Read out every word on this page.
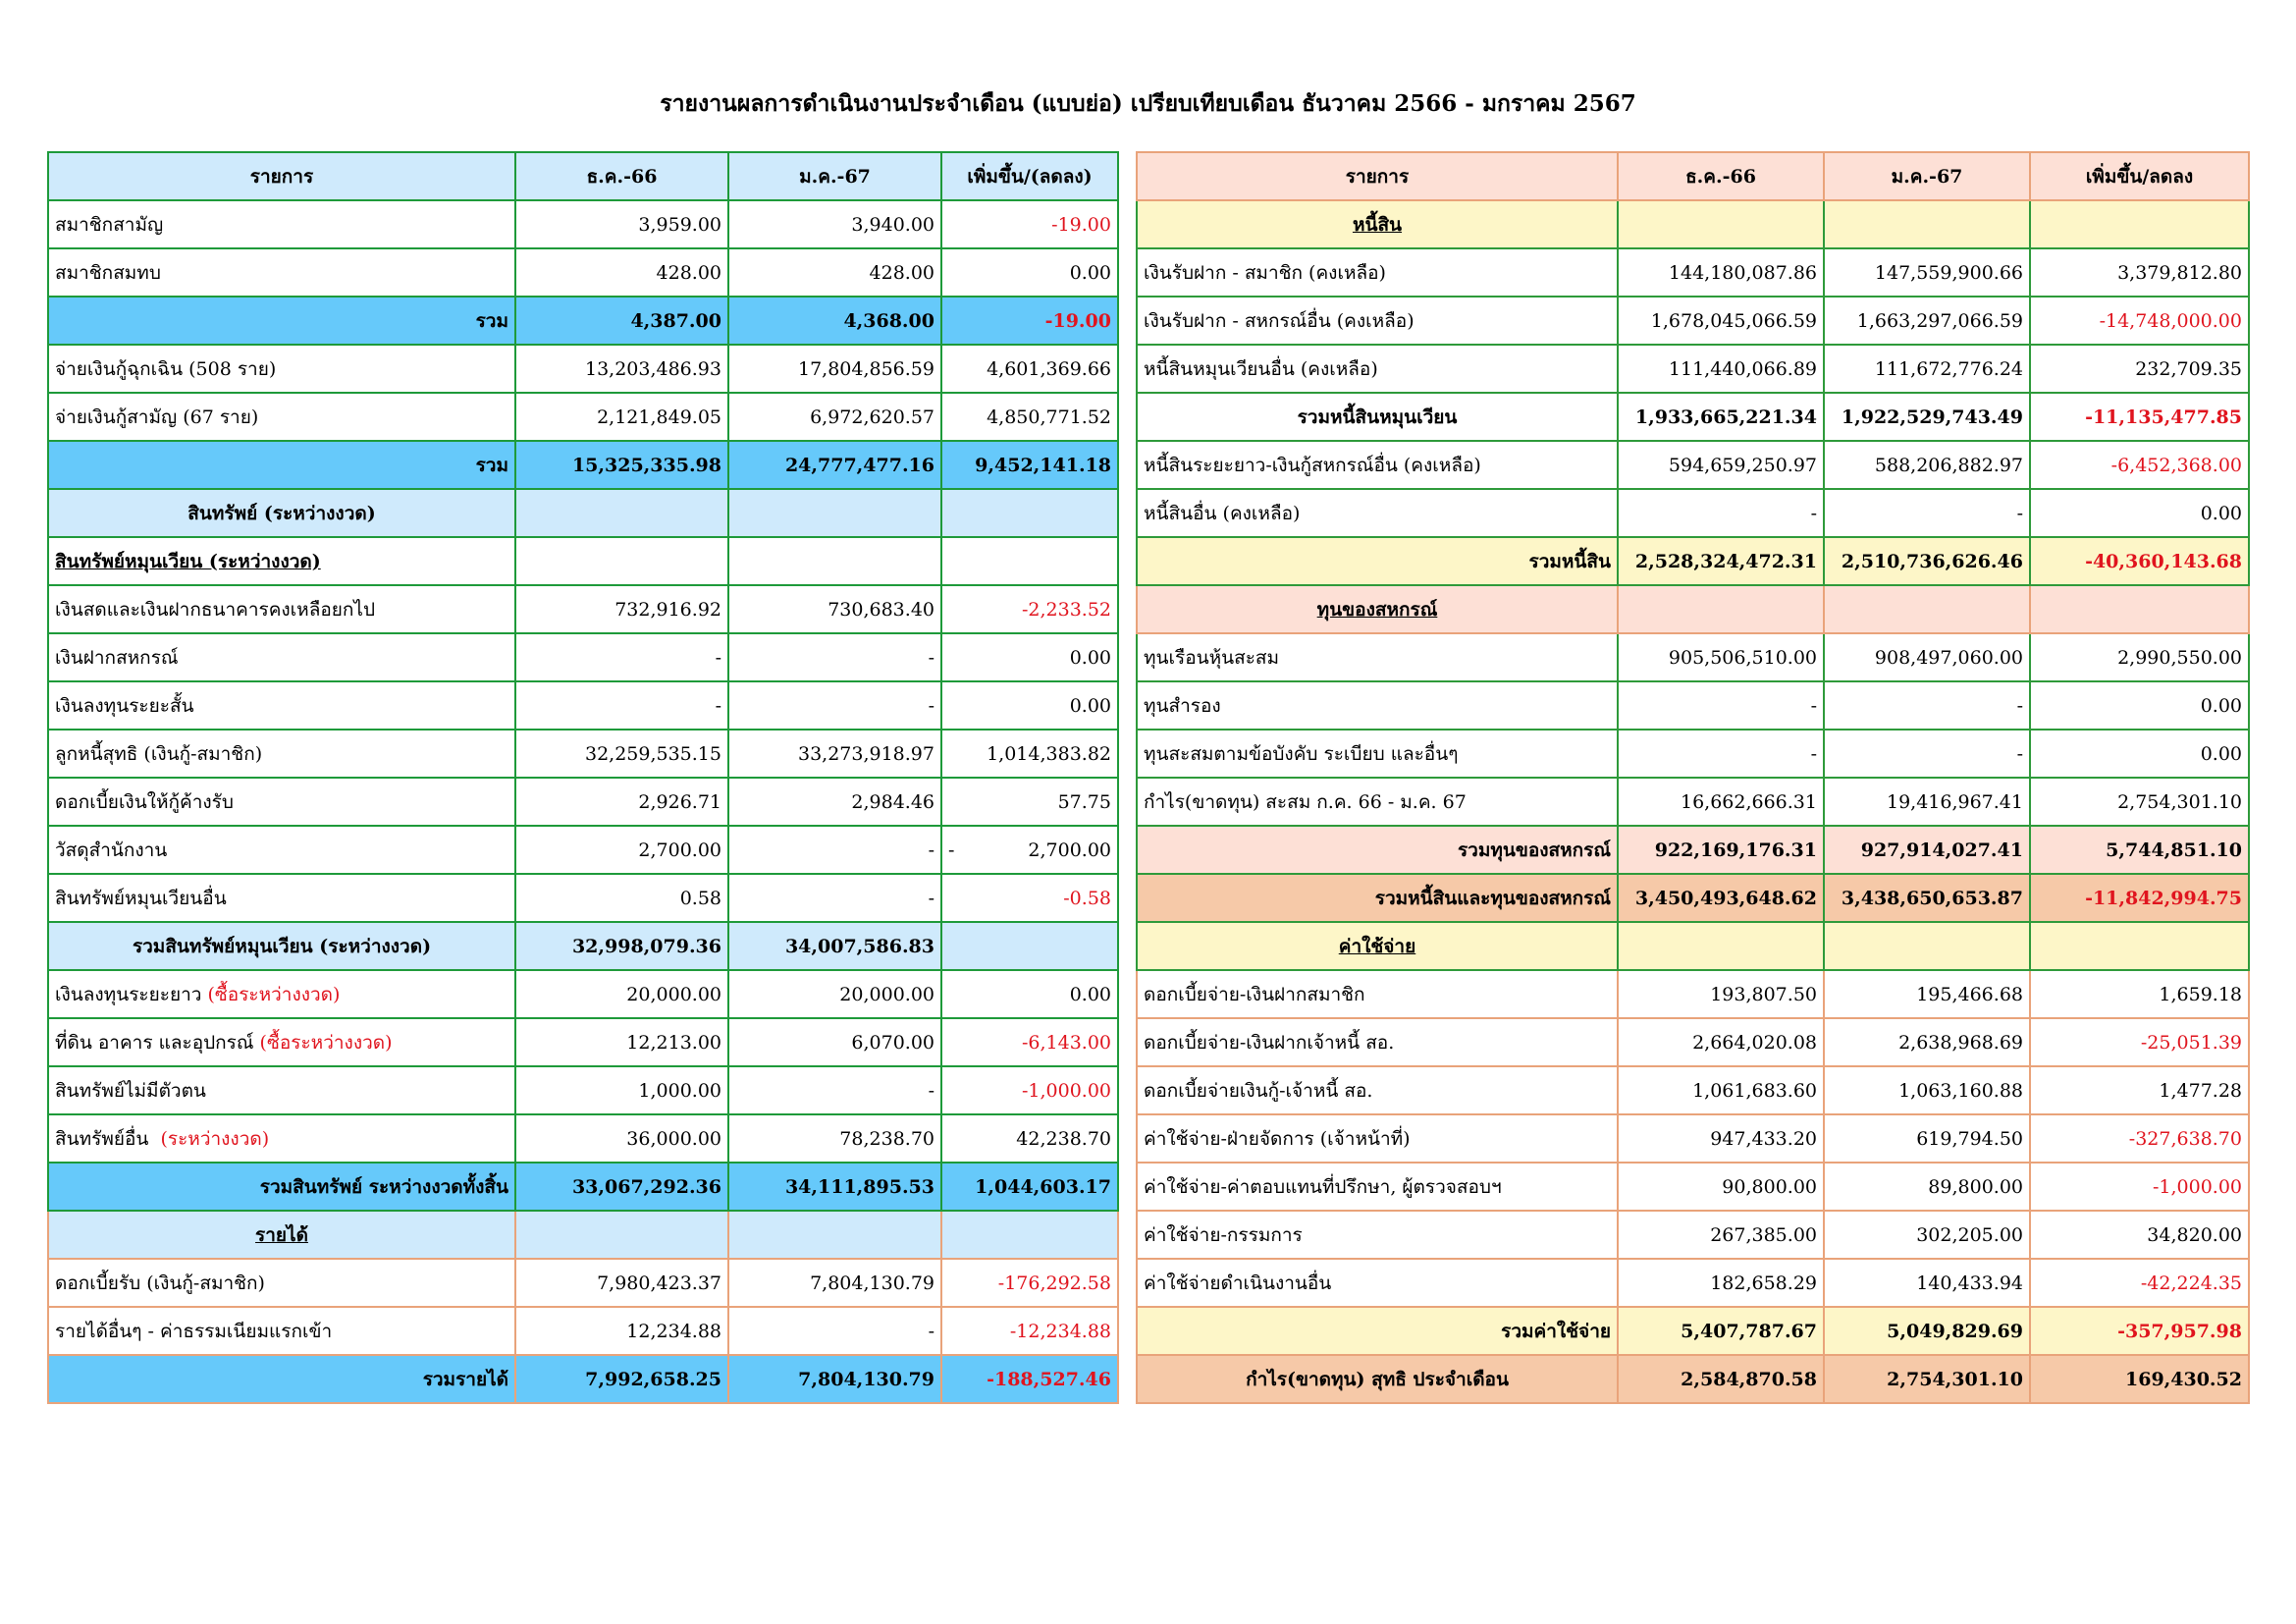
รายงานผลการดำเนินงานประจำเดือน (แบบย่อ) เปรียบเทียบเดือน ธันวาคม 2566 - มกราคม 2567
รายการ	ธ.ค.-66	ม.ค.-67	เพิ่มขึ้น/(ลดลง)
สมาชิกสามัญ	3,959.00	3,940.00	-19.00
สมาชิกสมทบ	428.00	428.00	0.00
รวม	4,387.00	4,368.00	-19.00
จ่ายเงินกู้ฉุกเฉิน (508 ราย)	13,203,486.93	17,804,856.59	4,601,369.66
จ่ายเงินกู้สามัญ (67 ราย)	2,121,849.05	6,972,620.57	4,850,771.52
รวม	15,325,335.98	24,777,477.16	9,452,141.18
สินทรัพย์ (ระหว่างงวด)			
สินทรัพย์หมุนเวียน (ระหว่างงวด)			
เงินสดและเงินฝากธนาคารคงเหลือยกไป	732,916.92	730,683.40	-2,233.52
เงินฝากสหกรณ์	-	-	0.00
เงินลงทุนระยะสั้น	-	-	0.00
ลูกหนี้สุทธิ (เงินกู้-สมาชิก)	32,259,535.15	33,273,918.97	1,014,383.82
ดอกเบี้ยเงินให้กู้ค้างรับ	2,926.71	2,984.46	57.75
วัสดุสำนักงาน	2,700.00	-	- 2,700.00
สินทรัพย์หมุนเวียนอื่น	0.58	-	-0.58
รวมสินทรัพย์หมุนเวียน (ระหว่างงวด)	32,998,079.36	34,007,586.83	
เงินลงทุนระยะยาว (ซื้อระหว่างงวด)	20,000.00	20,000.00	0.00
ที่ดิน อาคาร และอุปกรณ์ (ซื้อระหว่างงวด)	12,213.00	6,070.00	-6,143.00
สินทรัพย์ไม่มีตัวตน	1,000.00	-	-1,000.00
สินทรัพย์อื่น (ระหว่างงวด)	36,000.00	78,238.70	42,238.70
รวมสินทรัพย์ ระหว่างงวดทั้งสิ้น	33,067,292.36	34,111,895.53	1,044,603.17
รายได้			
ดอกเบี้ยรับ (เงินกู้-สมาชิก)	7,980,423.37	7,804,130.79	-176,292.58
รายได้อื่นๆ - ค่าธรรมเนียมแรกเข้า	12,234.88	-	-12,234.88
รวมรายได้	7,992,658.25	7,804,130.79	-188,527.46
รายการ	ธ.ค.-66	ม.ค.-67	เพิ่มขึ้น/ลดลง
หนี้สิน			
เงินรับฝาก - สมาชิก (คงเหลือ)	144,180,087.86	147,559,900.66	3,379,812.80
เงินรับฝาก - สหกรณ์อื่น (คงเหลือ)	1,678,045,066.59	1,663,297,066.59	-14,748,000.00
หนี้สินหมุนเวียนอื่น (คงเหลือ)	111,440,066.89	111,672,776.24	232,709.35
รวมหนี้สินหมุนเวียน	1,933,665,221.34	1,922,529,743.49	-11,135,477.85
หนี้สินระยะยาว-เงินกู้สหกรณ์อื่น (คงเหลือ)	594,659,250.97	588,206,882.97	-6,452,368.00
หนี้สินอื่น (คงเหลือ)	-	-	0.00
รวมหนี้สิน	2,528,324,472.31	2,510,736,626.46	-40,360,143.68
ทุนของสหกรณ์			
ทุนเรือนหุ้นสะสม	905,506,510.00	908,497,060.00	2,990,550.00
ทุนสำรอง	-	-	0.00
ทุนสะสมตามข้อบังคับ ระเบียบ และอื่นๆ	-	-	0.00
กำไร(ขาดทุน) สะสม ก.ค. 66 - ม.ค. 67	16,662,666.31	19,416,967.41	2,754,301.10
รวมทุนของสหกรณ์	922,169,176.31	927,914,027.41	5,744,851.10
รวมหนี้สินและทุนของสหกรณ์	3,450,493,648.62	3,438,650,653.87	-11,842,994.75
ค่าใช้จ่าย			
ดอกเบี้ยจ่าย-เงินฝากสมาชิก	193,807.50	195,466.68	1,659.18
ดอกเบี้ยจ่าย-เงินฝากเจ้าหนี้ สอ.	2,664,020.08	2,638,968.69	-25,051.39
ดอกเบี้ยจ่ายเงินกู้-เจ้าหนี้ สอ.	1,061,683.60	1,063,160.88	1,477.28
ค่าใช้จ่าย-ฝ่ายจัดการ (เจ้าหน้าที่)	947,433.20	619,794.50	-327,638.70
ค่าใช้จ่าย-ค่าตอบแทนที่ปรึกษา, ผู้ตรวจสอบฯ	90,800.00	89,800.00	-1,000.00
ค่าใช้จ่าย-กรรมการ	267,385.00	302,205.00	34,820.00
ค่าใช้จ่ายดำเนินงานอื่น	182,658.29	140,433.94	-42,224.35
รวมค่าใช้จ่าย	5,407,787.67	5,049,829.69	-357,957.98
กำไร(ขาดทุน) สุทธิ ประจำเดือน	2,584,870.58	2,754,301.10	169,430.52
